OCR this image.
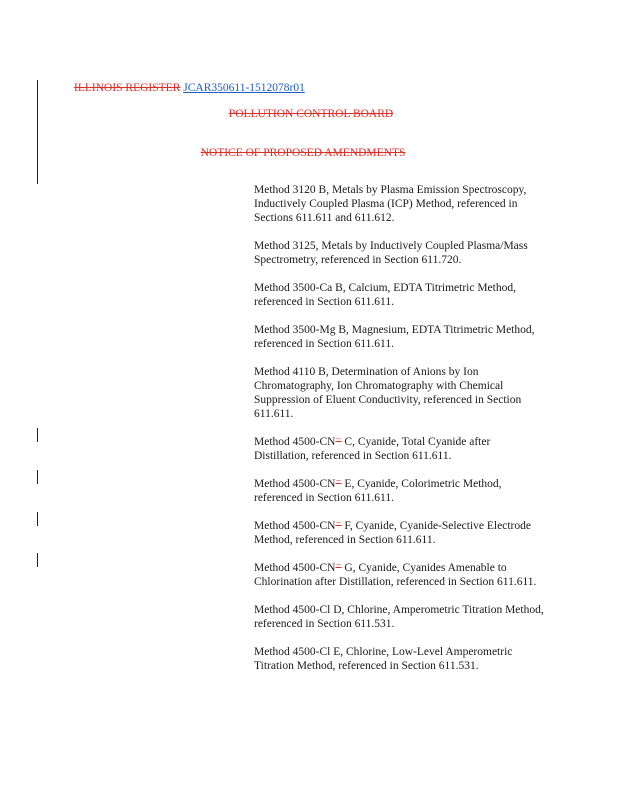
ILLINOIS REGISTER JCAR350611-1512078r01
POLLUTION CONTROL BOARD
NOTICE OF PROPOSED AMENDMENTS

Method 3120 B, Metals by Plasma Emission Spectroscopy, Inductively Coupled Plasma (ICP) Method, referenced in Sections 611.611 and 611.612.

Method 3125, Metals by Inductively Coupled Plasma/Mass Spectrometry, referenced in Section 611.720.

Method 3500-Ca B, Calcium, EDTA Titrimetric Method, referenced in Section 611.611.

Method 3500-Mg B, Magnesium, EDTA Titrimetric Method, referenced in Section 611.611.

Method 4110 B, Determination of Anions by Ion Chromatography, Ion Chromatography with Chemical Suppression of Eluent Conductivity, referenced in Section 611.611.

Method 4500-CN⁻ C, Cyanide, Total Cyanide after Distillation, referenced in Section 611.611.

Method 4500-CN⁻ E, Cyanide, Colorimetric Method, referenced in Section 611.611.

Method 4500-CN⁻ F, Cyanide, Cyanide-Selective Electrode Method, referenced in Section 611.611.

Method 4500-CN⁻ G, Cyanide, Cyanides Amenable to Chlorination after Distillation, referenced in Section 611.611.

Method 4500-Cl D, Chlorine, Amperometric Titration Method, referenced in Section 611.531.

Method 4500-Cl E, Chlorine, Low-Level Amperometric Titration Method, referenced in Section 611.531.
